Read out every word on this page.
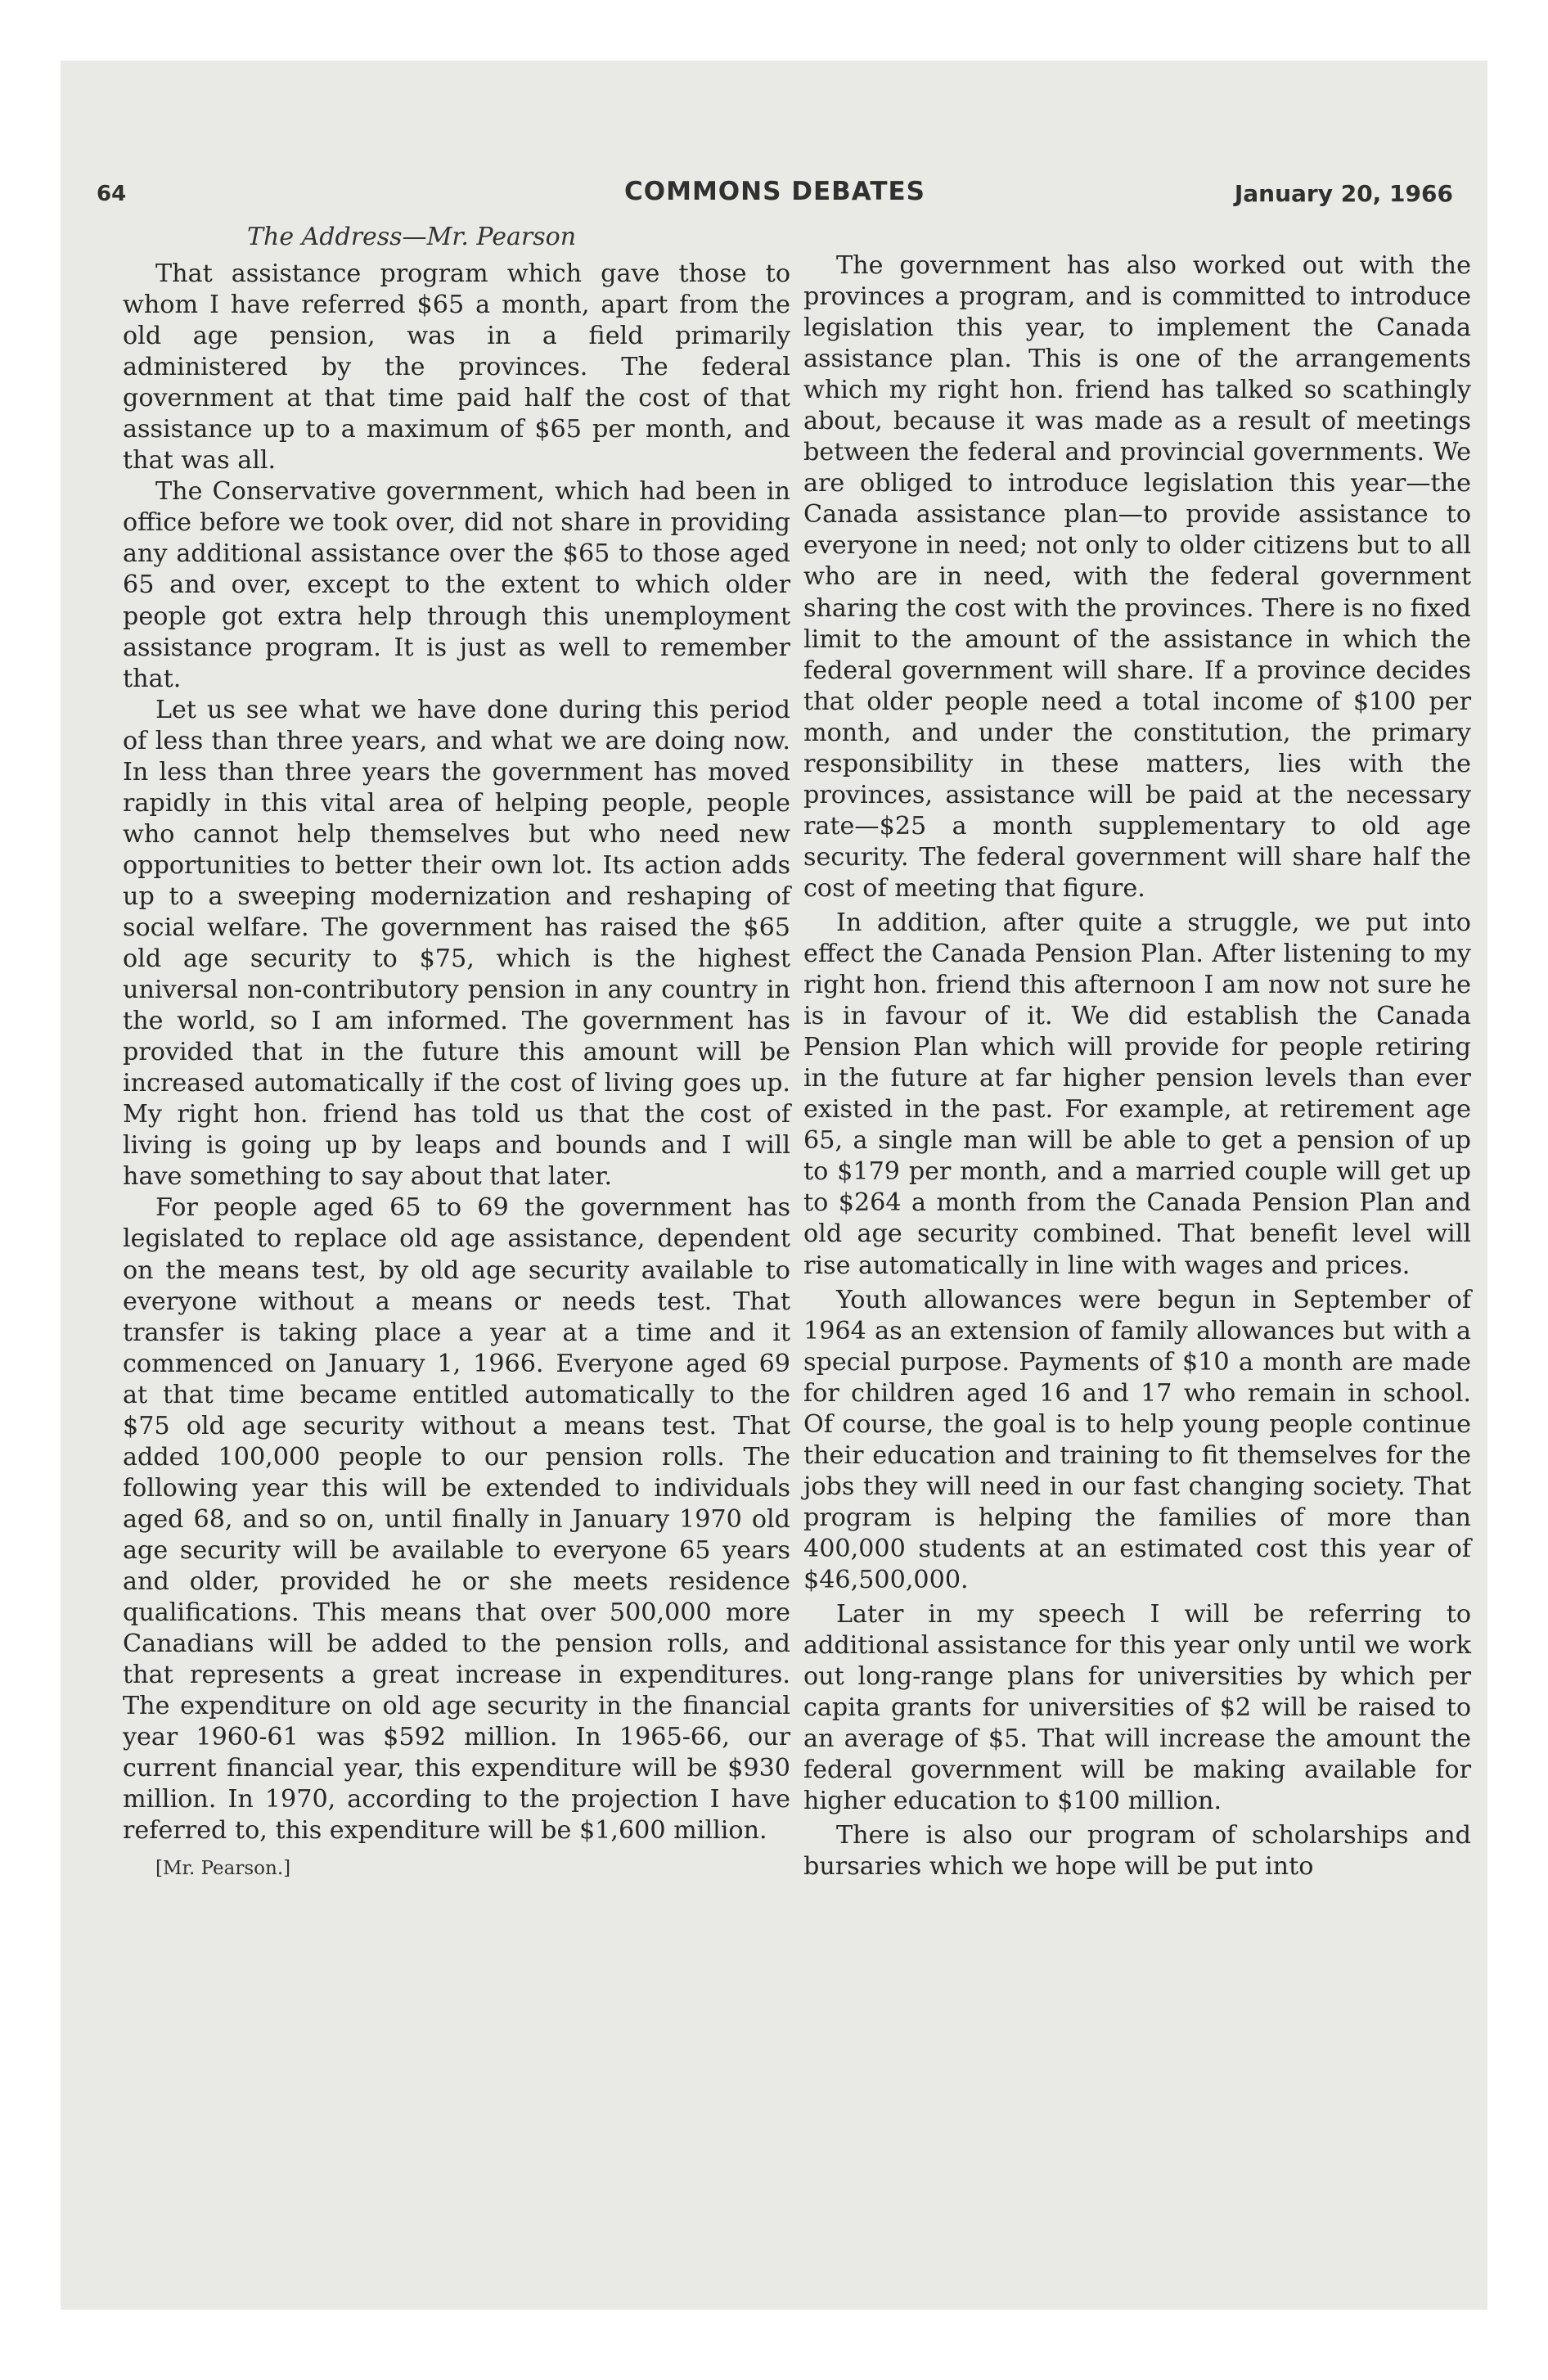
64	COMMONS DEBATES	January 20, 1966

The Address—Mr. Pearson

That assistance program which gave those to whom I have referred $65 a month, apart from the old age pension, was in a field primarily administered by the provinces. The federal government at that time paid half the cost of that assistance up to a maximum of $65 per month, and that was all.

The Conservative government, which had been in office before we took over, did not share in providing any additional assistance over the $65 to those aged 65 and over, except to the extent to which older people got extra help through this unemployment assistance program. It is just as well to remember that.

Let us see what we have done during this period of less than three years, and what we are doing now. In less than three years the government has moved rapidly in this vital area of helping people, people who cannot help themselves but who need new opportunities to better their own lot. Its action adds up to a sweeping modernization and reshaping of social welfare. The government has raised the $65 old age security to $75, which is the highest universal non-contributory pension in any country in the world, so I am informed. The government has provided that in the future this amount will be increased automatically if the cost of living goes up. My right hon. friend has told us that the cost of living is going up by leaps and bounds and I will have something to say about that later.

For people aged 65 to 69 the government has legislated to replace old age assistance, dependent on the means test, by old age security available to everyone without a means or needs test. That transfer is taking place a year at a time and it commenced on January 1, 1966. Everyone aged 69 at that time became entitled automatically to the $75 old age security without a means test. That added 100,000 people to our pension rolls. The following year this will be extended to individuals aged 68, and so on, until finally in January 1970 old age security will be available to everyone 65 years and older, provided he or she meets residence qualifications. This means that over 500,000 more Canadians will be added to the pension rolls, and that represents a great increase in expenditures. The expenditure on old age security in the financial year 1960-61 was $592 million. In 1965-66, our current financial year, this expenditure will be $930 million. In 1970, according to the projection I have referred to, this expenditure will be $1,600 million.

[Mr. Pearson.]

The government has also worked out with the provinces a program, and is committed to introduce legislation this year, to implement the Canada assistance plan. This is one of the arrangements which my right hon. friend has talked so scathingly about, because it was made as a result of meetings between the federal and provincial governments. We are obliged to introduce legislation this year—the Canada assistance plan—to provide assistance to everyone in need; not only to older citizens but to all who are in need, with the federal government sharing the cost with the provinces. There is no fixed limit to the amount of the assistance in which the federal government will share. If a province decides that older people need a total income of $100 per month, and under the constitution, the primary responsibility in these matters, lies with the provinces, assistance will be paid at the necessary rate—$25 a month supplementary to old age security. The federal government will share half the cost of meeting that figure.

In addition, after quite a struggle, we put into effect the Canada Pension Plan. After listening to my right hon. friend this afternoon I am now not sure he is in favour of it. We did establish the Canada Pension Plan which will provide for people retiring in the future at far higher pension levels than ever existed in the past. For example, at retirement age 65, a single man will be able to get a pension of up to $179 per month, and a married couple will get up to $264 a month from the Canada Pension Plan and old age security combined. That benefit level will rise automatically in line with wages and prices.

Youth allowances were begun in September of 1964 as an extension of family allowances but with a special purpose. Payments of $10 a month are made for children aged 16 and 17 who remain in school. Of course, the goal is to help young people continue their education and training to fit themselves for the jobs they will need in our fast changing society. That program is helping the families of more than 400,000 students at an estimated cost this year of $46,500,000.

Later in my speech I will be referring to additional assistance for this year only until we work out long-range plans for universities by which per capita grants for universities of $2 will be raised to an average of $5. That will increase the amount the federal government will be making available for higher education to $100 million.

There is also our program of scholarships and bursaries which we hope will be put into
